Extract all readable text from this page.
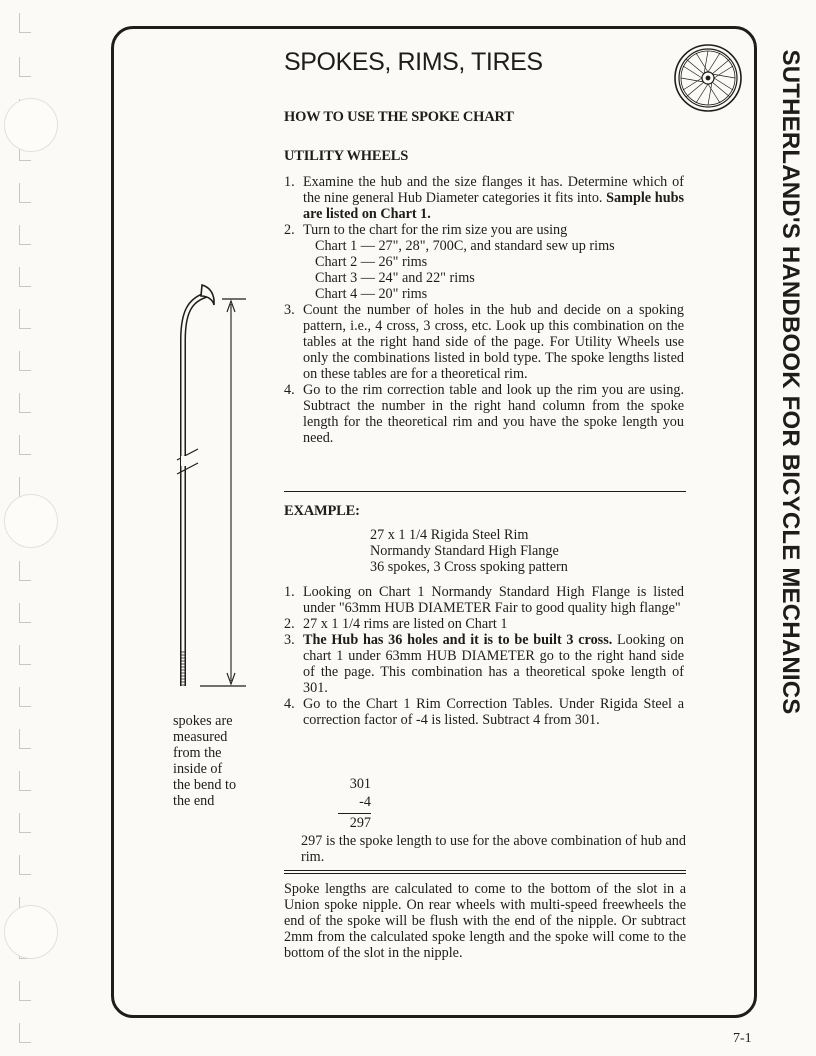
SPOKES, RIMS, TIRES
HOW TO USE THE SPOKE CHART
UTILITY WHEELS
1. Examine the hub and the size flanges it has. Determine which of the nine general Hub Diameter categories it fits into. Sample hubs are listed on Chart 1.
2. Turn to the chart for the rim size you are using
Chart 1 — 27", 28", 700C, and standard sew up rims
Chart 2 — 26" rims
Chart 3 — 24" and 22" rims
Chart 4 — 20" rims
3. Count the number of holes in the hub and decide on a spoking pattern, i.e., 4 cross, 3 cross, etc. Look up this combination on the tables at the right hand side of the page. For Utility Wheels use only the combinations listed in bold type. The spoke lengths listed on these tables are for a theoretical rim.
4. Go to the rim correction table and look up the rim you are using. Subtract the number in the right hand column from the spoke length for the theoretical rim and you have the spoke length you need.
EXAMPLE:
27 x 1 1/4 Rigida Steel Rim
Normandy Standard High Flange
36 spokes, 3 Cross spoking pattern
1. Looking on Chart 1 Normandy Standard High Flange is listed under "63mm HUB DIAMETER Fair to good quality high flange"
2. 27 x 1 1/4 rims are listed on Chart 1
3. The Hub has 36 holes and it is to be built 3 cross. Looking on chart 1 under 63mm HUB DIAMETER go to the right hand side of the page. This combination has a theoretical spoke length of 301.
4. Go to the Chart 1 Rim Correction Tables. Under Rigida Steel a correction factor of -4 is listed. Subtract 4 from 301.
301
-4
297
297 is the spoke length to use for the above combination of hub and rim.
Spoke lengths are calculated to come to the bottom of the slot in a Union spoke nipple. On rear wheels with multi-speed freewheels the end of the spoke will be flush with the end of the nipple. Or subtract 2mm from the calculated spoke length and the spoke will come to the bottom of the slot in the nipple.
spokes are
measured
from the
inside of
the bend to
the end
SUTHERLAND'S HANDBOOK FOR BICYCLE MECHANICS
7-1
